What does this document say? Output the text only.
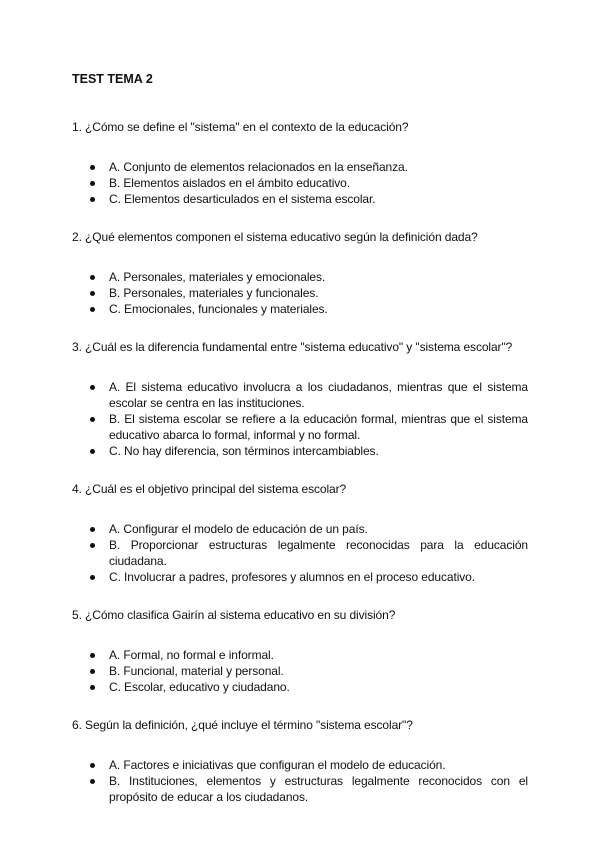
TEST TEMA 2
1. ¿Cómo se define el "sistema" en el contexto de la educación?
A. Conjunto de elementos relacionados en la enseñanza.
B. Elementos aislados en el ámbito educativo.
C. Elementos desarticulados en el sistema escolar.
2. ¿Qué elementos componen el sistema educativo según la definición dada?
A. Personales, materiales y emocionales.
B. Personales, materiales y funcionales.
C. Emocionales, funcionales y materiales.
3. ¿Cuál es la diferencia fundamental entre "sistema educativo" y "sistema escolar"?
A. El sistema educativo involucra a los ciudadanos, mientras que el sistema escolar se centra en las instituciones.
B. El sistema escolar se refiere a la educación formal, mientras que el sistema educativo abarca lo formal, informal y no formal.
C. No hay diferencia, son términos intercambiables.
4. ¿Cuál es el objetivo principal del sistema escolar?
A. Configurar el modelo de educación de un país.
B. Proporcionar estructuras legalmente reconocidas para la educación ciudadana.
C. Involucrar a padres, profesores y alumnos en el proceso educativo.
5. ¿Cómo clasifica Gairín al sistema educativo en su división?
A. Formal, no formal e informal.
B. Funcional, material y personal.
C. Escolar, educativo y ciudadano.
6. Según la definición, ¿qué incluye el término "sistema escolar"?
A. Factores e iniciativas que configuran el modelo de educación.
B. Instituciones, elementos y estructuras legalmente reconocidos con el propósito de educar a los ciudadanos.
